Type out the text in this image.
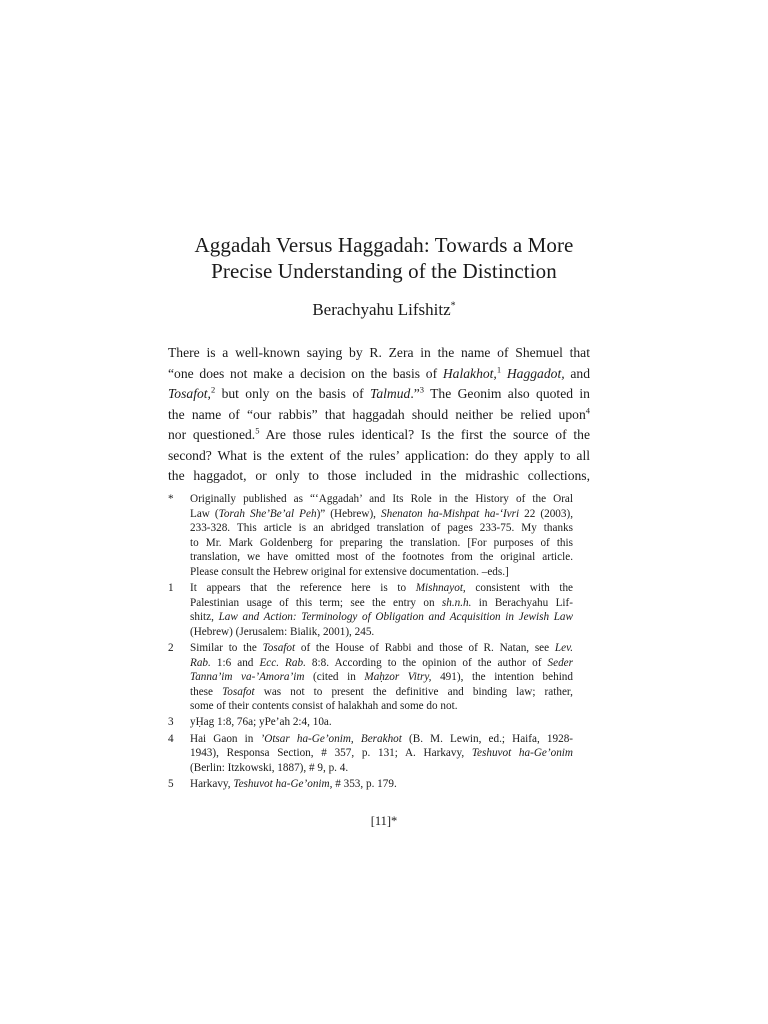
Aggadah Versus Haggadah: Towards a More
Precise Understanding of the Distinction
Berachyahu Lifshitz*
There is a well-known saying by R. Zera in the name of Shemuel that
“one does not make a decision on the basis of Halakhot,$^1$ Haggadot, and
Tosafot,$^2$ but only on the basis of Talmud.”$^3$ The Geonim also quoted in
the name of “our rabbis” that haggadah should neither be relied upon$^4$
nor questioned.$^5$ Are those rules identical? Is the first the source of the
second? What is the extent of the rules’ application: do they apply to all
the haggadot, or only to those included in the midrashic collections,
* Originally published as “‘Aggadah’ and Its Role in the History of the Oral
Law (Torah She’Be’al Peh)” (Hebrew), Shenaton ha-Mishpat ha-‘Ivri 22 (2003),
233-328. This article is an abridged translation of pages 233-75. My thanks
to Mr. Mark Goldenberg for preparing the translation. [For purposes of this
translation, we have omitted most of the footnotes from the original article.
Please consult the Hebrew original for extensive documentation. –eds.]
1 It appears that the reference here is to Mishnayot, consistent with the
Palestinian usage of this term; see the entry on sh.n.h. in Berachyahu Lif-
shitz, Law and Action: Terminology of Obligation and Acquisition in Jewish Law
(Hebrew) (Jerusalem: Bialik, 2001), 245.
2 Similar to the Tosafot of the House of Rabbi and those of R. Natan, see Lev.
Rab. 1:6 and Ecc. Rab. 8:8. According to the opinion of the author of Seder
Tanna’im va-’Amora’im (cited in Maḥzor Vitry, 491), the intention behind
these Tosafot was not to present the definitive and binding law; rather,
some of their contents consist of halakhah and some do not.
3 yḤag 1:8, 76a; yPe’ah 2:4, 10a.
4 Hai Gaon in ’Otsar ha-Ge’onim, Berakhot (B. M. Lewin, ed.; Haifa, 1928-
1943), Responsa Section, # 357, p. 131; A. Harkavy, Teshuvot ha-Ge’onim
(Berlin: Itzkowski, 1887), # 9, p. 4.
5 Harkavy, Teshuvot ha-Ge’onim, # 353, p. 179.
[11]*
